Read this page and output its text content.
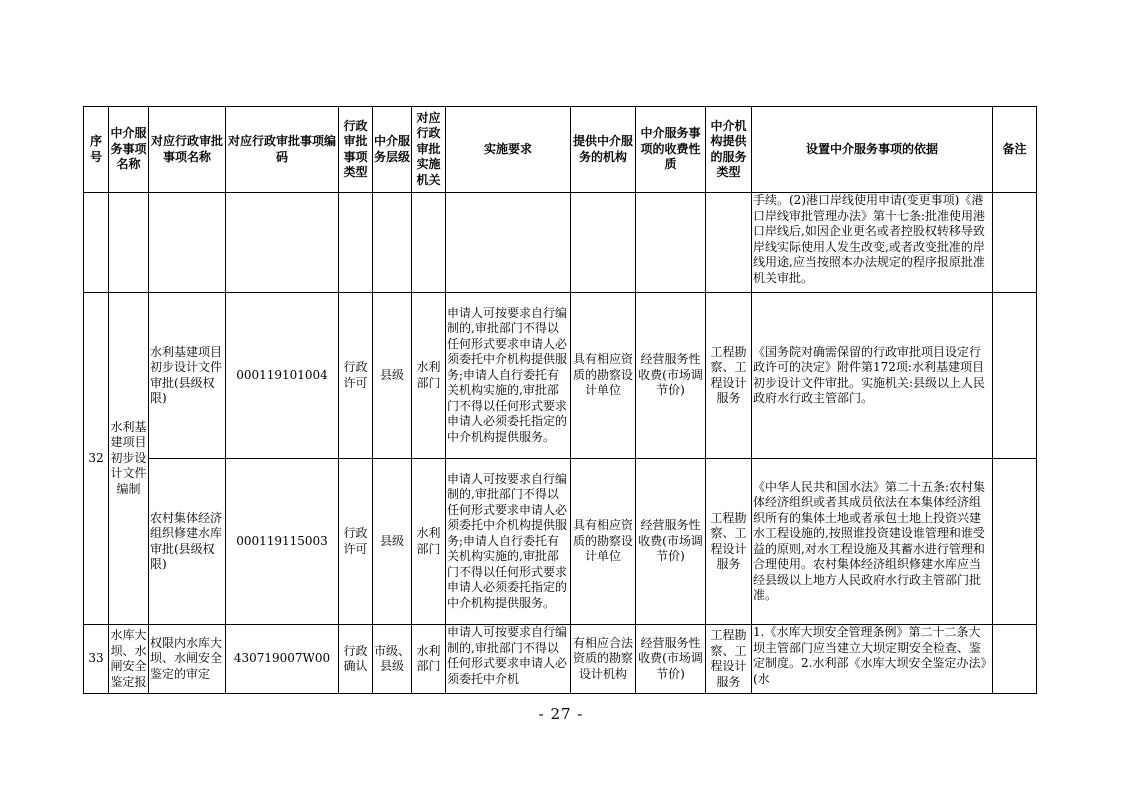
序号	中介服务事项名称	对应行政审批事项名称	对应行政审批事项编码	行政审批事项类型	中介服务层级	对应行政审批实施机关	实施要求	提供中介服务的机构	中介服务事项的收费性质	中介机构提供的服务类型	设置中介服务事项的依据	备注
											手续。(2)港口岸线使用申请(变更事项)《港口岸线审批管理办法》第十七条:批准使用港口岸线后,如因企业更名或者控股权转移导致岸线实际使用人发生改变,或者改变批准的岸线用途,应当按照本办法规定的程序报原批准机关审批。	
32	水利基建项目初步设计文件编制	水利基建项目初步设计文件审批(县级权限)	000119101004	行政许可	县级	水利部门	申请人可按要求自行编制的,审批部门不得以任何形式要求申请人必须委托中介机构提供服务;申请人自行委托有关机构实施的,审批部门不得以任何形式要求申请人必须委托指定的中介机构提供服务。	具有相应资质的勘察设计单位	经营服务性收费(市场调节价)	工程勘察、工程设计服务	《国务院对确需保留的行政审批项目设定行政许可的决定》附件第172项:水利基建项目初步设计文件审批。实施机关:县级以上人民政府水行政主管部门。	
		农村集体经济组织修建水库审批(县级权限)	000119115003	行政许可	县级	水利部门	申请人可按要求自行编制的,审批部门不得以任何形式要求申请人必须委托中介机构提供服务;申请人自行委托有关机构实施的,审批部门不得以任何形式要求申请人必须委托指定的中介机构提供服务。	具有相应资质的勘察设计单位	经营服务性收费(市场调节价)	工程勘察、工程设计服务	《中华人民共和国水法》第二十五条:农村集体经济组织或者其成员依法在本集体经济组织所有的集体土地或者承包土地上投资兴建水工程设施的,按照谁投资建设谁管理和谁受益的原则,对水工程设施及其蓄水进行管理和合理使用。农村集体经济组织修建水库应当经县级以上地方人民政府水行政主管部门批准。	
33	水库大坝、水闸安全鉴定报	权限内水库大坝、水闸安全鉴定的审定	430719007W00	行政确认	市级、县级	水利部门	申请人可按要求自行编制的,审批部门不得以任何形式要求申请人必须委托中介机	有相应合法资质的勘察设计机构	经营服务性收费(市场调节价)	工程勘察、工程设计服务	1.《水库大坝安全管理条例》第二十二条大坝主管部门应当建立大坝定期安全检查、鉴定制度。2.水利部《水库大坝安全鉴定办法》(水	
- 27 -
